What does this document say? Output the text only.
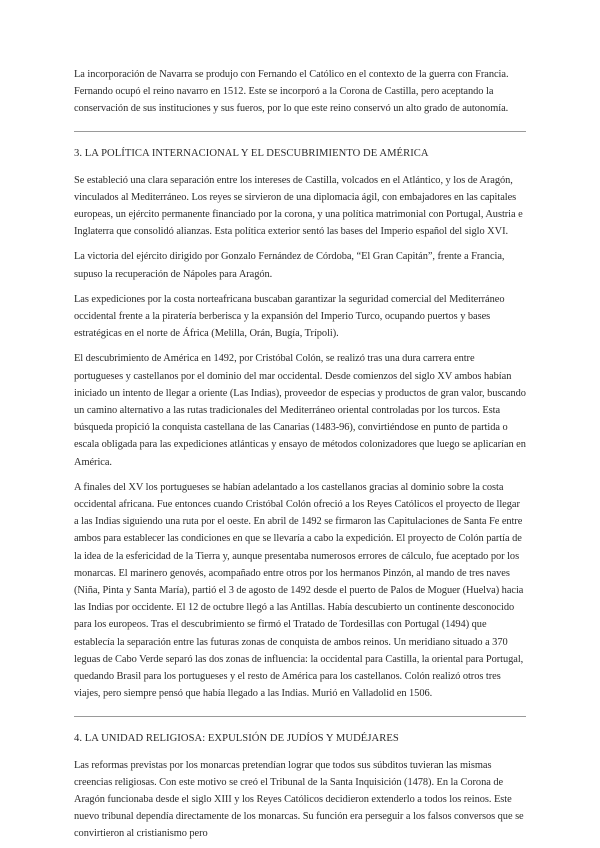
La incorporación de Navarra se produjo con Fernando el Católico en el contexto de la guerra con Francia. Fernando ocupó el reino navarro en 1512. Este se incorporó a la Corona de Castilla, pero aceptando la conservación de sus instituciones y sus fueros, por lo que este reino conservó un alto grado de autonomía.

3. LA POLÍTICA INTERNACIONAL Y EL DESCUBRIMIENTO DE AMÉRICA

Se estableció una clara separación entre los intereses de Castilla, volcados en el Atlántico, y los de Aragón, vinculados al Mediterráneo. Los reyes se sirvieron de una diplomacia ágil, con embajadores en las capitales europeas, un ejército permanente financiado por la corona, y una política matrimonial con Portugal, Austria e Inglaterra que consolidó alianzas. Esta política exterior sentó las bases del Imperio español del siglo XVI.

La victoria del ejército dirigido por Gonzalo Fernández de Córdoba, “El Gran Capitán”, frente a Francia, supuso la recuperación de Nápoles para Aragón.

Las expediciones por la costa norteafricana buscaban garantizar la seguridad comercial del Mediterráneo occidental frente a la piratería berberisca y la expansión del Imperio Turco, ocupando puertos y bases estratégicas en el norte de África (Melilla, Orán, Bugía, Trípoli).

El descubrimiento de América en 1492, por Cristóbal Colón, se realizó tras una dura carrera entre portugueses y castellanos por el dominio del mar occidental. Desde comienzos del siglo XV ambos habían iniciado un intento de llegar a oriente (Las Indias), proveedor de especias y productos de gran valor, buscando un camino alternativo a las rutas tradicionales del Mediterráneo oriental controladas por los turcos. Esta búsqueda propició la conquista castellana de las Canarias (1483-96), convirtiéndose en punto de partida o escala obligada para las expediciones atlánticas y ensayo de métodos colonizadores que luego se aplicarían en América.

A finales del XV los portugueses se habían adelantado a los castellanos gracias al dominio sobre la costa occidental africana. Fue entonces cuando Cristóbal Colón ofreció a los Reyes Católicos el proyecto de llegar a las Indias siguiendo una ruta por el oeste. En abril de 1492 se firmaron las Capitulaciones de Santa Fe entre ambos para establecer las condiciones en que se llevaría a cabo la expedición. El proyecto de Colón partía de la idea de la esfericidad de la Tierra y, aunque presentaba numerosos errores de cálculo, fue aceptado por los monarcas. El marinero genovés, acompañado entre otros por los hermanos Pinzón, al mando de tres naves (Niña, Pinta y Santa María), partió el 3 de agosto de 1492 desde el puerto de Palos de Moguer (Huelva) hacia las Indias por occidente. El 12 de octubre llegó a las Antillas. Había descubierto un continente desconocido para los europeos. Tras el descubrimiento se firmó el Tratado de Tordesillas con Portugal (1494) que establecía la separación entre las futuras zonas de conquista de ambos reinos. Un meridiano situado a 370 leguas de Cabo Verde separó las dos zonas de influencia: la occidental para Castilla, la oriental para Portugal, quedando Brasil para los portugueses y el resto de América para los castellanos. Colón realizó otros tres viajes, pero siempre pensó que había llegado a las Indias. Murió en Valladolid en 1506.

4. LA UNIDAD RELIGIOSA: EXPULSIÓN DE JUDÍOS Y MUDÉJARES

Las reformas previstas por los monarcas pretendían lograr que todos sus súbditos tuvieran las mismas creencias religiosas. Con este motivo se creó el Tribunal de la Santa Inquisición (1478). En la Corona de Aragón funcionaba desde el siglo XIII y los Reyes Católicos decidieron extenderlo a todos los reinos. Este nuevo tribunal dependía directamente de los monarcas. Su función era perseguir a los falsos conversos que se convirtieron al cristianismo pero
